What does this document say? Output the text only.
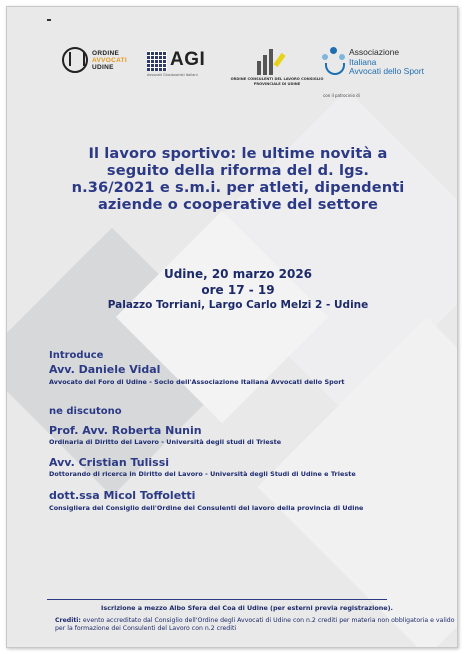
ORDINE
AVVOCATI
UDINE	AGI
Avvocati Giuslavoristi Italiani
ORDINE CONSULENTI DEL LAVORO CONSIGLIO PROVINCIALE DI UDINE
Associazione
Italiana
Avvocati dello Sport
con il patrocinio di
Il lavoro sportivo: le ultime novità a
seguito della riforma del d. lgs.
n.36/2021 e s.m.i. per atleti, dipendenti
aziende o cooperative del settore
Udine, 20 marzo 2026
ore 17 - 19
Palazzo Torriani, Largo Carlo Melzi 2 - Udine
Introduce
Avv. Daniele Vidal
Avvocato del Foro di Udine - Socio dell'Associazione Italiana Avvocati dello Sport
ne discutono
Prof. Avv. Roberta Nunin
Ordinaria di Diritto del Lavoro - Università degli studi di Trieste
Avv. Cristian Tulissi
Dottorando di ricerca in Diritto del Lavoro - Università degli Studi di Udine e Trieste
dott.ssa Micol Toffoletti
Consigliera del Consiglio dell'Ordine dei Consulenti del lavoro della provincia di Udine
Iscrizione a mezzo Albo Sfera del Coa di Udine (per esterni previa registrazione).
Crediti: evento accreditato dal Consiglio dell'Ordine degli Avvocati di Udine con n.2 crediti per materia non obbligatoria e valido per la formazione dei Consulenti del Lavoro con n.2 crediti
